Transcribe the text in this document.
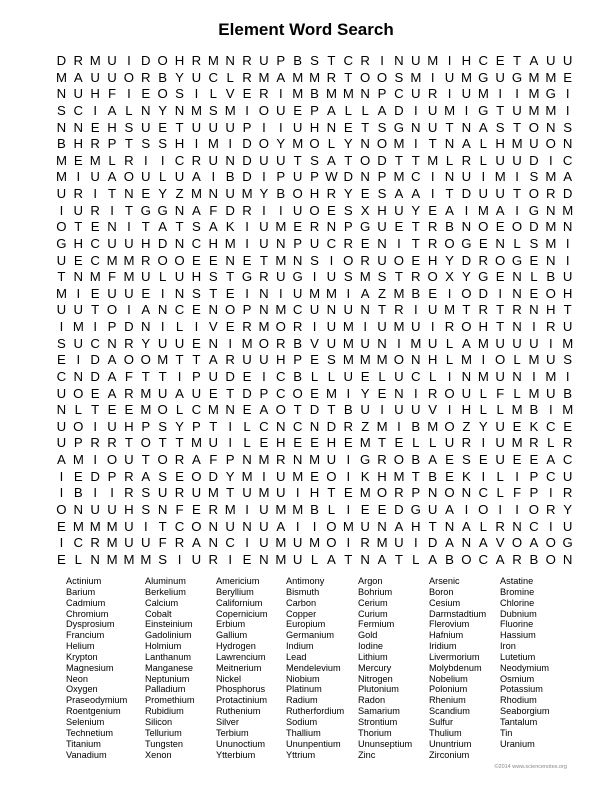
Element Word Search
D R M U I D O H R M N R U P B S T C R I N U M I H C E T A U U
M A U U O R B Y U C L R M A M M R T O O S M I U M G U G M M E
N U H F I E O S I L V E R I M B M M N P C U R I U M I	I M G I
S C I A L N Y N M S M I O U E P A L L A D I U M I G T U M M I
N N E H S U E T U U U P I	I U H N E T S G N U T N A S T O N S
B H R P T S S H I M I D O Y M O L Y N O M I T N A L H M U O N
M E M L R I	I C R U N D U U T S A T O D T T M L R L U U D I C
M I U A O U L U A I B D I P U P W D N P M C I N U I M I S M A
U R I T N E Y Z M N U M Y B O H R Y E S A A I T D U U T O R D
I U R I T G G N A F D R I	I U O E S X H U Y E A I M A I G N M
O T E N I T A T S A K I U M E R N P G U E T R B N O E O D M N
G H C U U H D N C H M I U N P U C R E N I T R O G E N L S M I
U E C M M R O O E E N E T M N S I O R U O E H Y D R O G E N I
T N M F M U L U H S T G R U G I U S M S T R O X Y G E N L B U
M I E U U E I N S T E I N I U M M I A Z M B E I O D I N E O H
U U T O I A N C E N O P N M C U N U N T R I U M T R T R N H T
I M I P D N I L I V E R M O R I U M I U M U I R O H T N I R U
S U C N R Y U U E N I M O R B V U M U N I M U L A M U U U I M
E I D A O O M T T A R U U H P E S M M M O N H L M I O L M U S
C N D A F T T I P U D E I C B L L U E L U C L I N M U N I M I
U O E A R M U A U E T D P C O E M I Y E N I R O U L F L M U B
N L T E E M O L C M N E A O T D T B U I U U V I H L L M B I M
U O I U H P S Y P T I L C N C N D R Z M I B M O Z Y U E K C E
U P R R T O T T M U I L E H E E H E M T E L L U R I U M R L R
A M I O U T O R A F P N M R N M U I G R O B A E S E U E E A C
I E D P R A S E O D Y M I U M E O I K H M T B E K I L I P C U
I B I	I R S U R U M T U M U I H T E M O R P N O N C L F P I R
O N U U H S N F E R M I U M M B L I E E D G U A I O I	I O R Y
E M M M U I T C O N U N U A I	I O M U N A H T N A L R N C I U
I C R M U U F R A N C I U M U M O I R M U I D A N A V O A O G
E L N M M M S I U R I E N M U L A T N A T L A B O C A R B O N
Actinium
Barium
Cadmium
Chromium
Dysprosium
Francium
Helium
Krypton
Magnesium
Neon
Oxygen
Praseodymium
Roentgenium
Selenium
Technetium
Titanium
Vanadium
Aluminum
Berkelium
Calcium
Cobalt
Einsteinium
Gadolinium
Holmium
Lanthanum
Manganese
Neptunium
Palladium
Promethium
Rubidium
Silicon
Tellurium
Tungsten
Xenon
Americium
Beryllium
Californium
Copernicium
Erbium
Gallium
Hydrogen
Lawrencium
Meitnerium
Nickel
Phosphorus
Protactinium
Ruthenium
Silver
Terbium
Ununoctium
Ytterbium
Antimony
Bismuth
Carbon
Copper
Europium
Germanium
Indium
Lead
Mendelevium
Niobium
Platinum
Radium
Rutherfordium
Sodium
Thallium
Ununpentium
Yttrium
Argon
Bohrium
Cerium
Curium
Fermium
Gold
Iodine
Lithium
Mercury
Nitrogen
Plutonium
Radon
Samarium
Strontium
Thorium
Ununseptium
Zinc
Arsenic
Boron
Cesium
Darmstadtium
Flerovium
Hafnium
Iridium
Livermorium
Molybdenum
Nobelium
Polonium
Rhenium
Scandium
Sulfur
Thulium
Ununtrium
Zirconium
Astatine
Bromine
Chlorine
Dubnium
Fluorine
Hassium
Iron
Lutetium
Neodymium
Osmium
Potassium
Rhodium
Seaborgium
Tantalum
Tin
Uranium
©2014 www.sciencenotes.org
